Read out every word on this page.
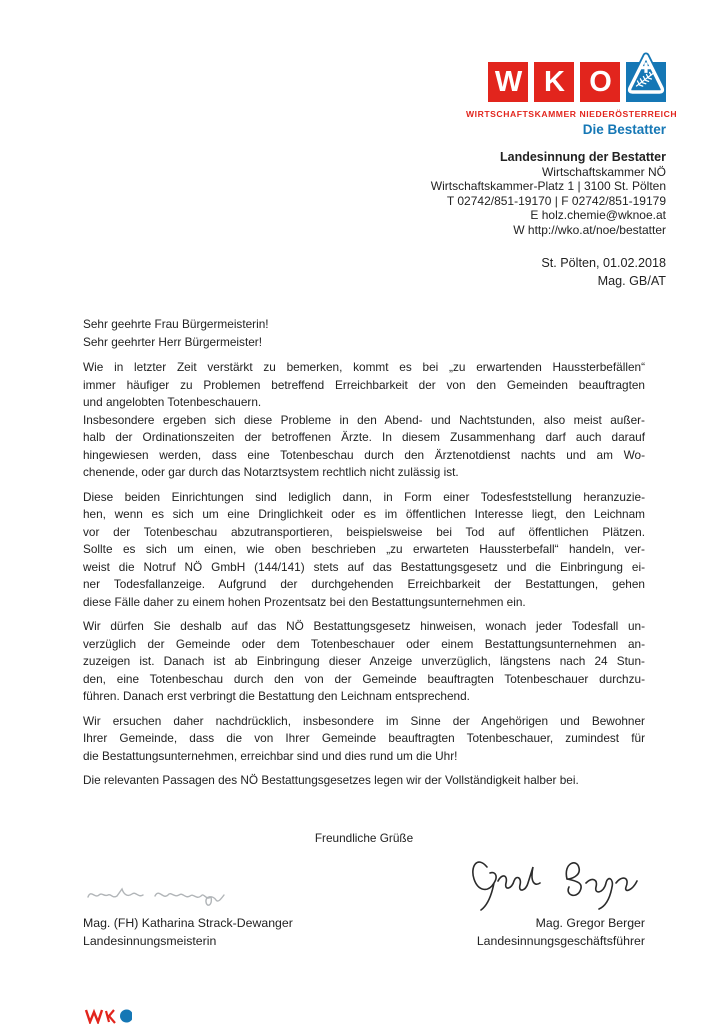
W K O
WIRTSCHAFTSKAMMER NIEDERÖSTERREICH
Die Bestatter
Landesinnung der Bestatter
Wirtschaftskammer NÖ
Wirtschaftskammer-Platz 1 | 3100 St. Pölten
T 02742/851-19170 | F 02742/851-19179
E holz.chemie@wknoe.at
W http://wko.at/noe/bestatter
St. Pölten, 01.02.2018
Mag. GB/AT
Sehr geehrte Frau Bürgermeisterin!
Sehr geehrter Herr Bürgermeister!
Wie in letzter Zeit verstärkt zu bemerken, kommt es bei „zu erwartenden Haussterbefällen“
immer häufiger zu Problemen betreffend Erreichbarkeit der von den Gemeinden beauftragten
und angelobten Totenbeschauern.
Insbesondere ergeben sich diese Probleme in den Abend- und Nachtstunden, also meist außer-
halb der Ordinationszeiten der betroffenen Ärzte. In diesem Zusammenhang darf auch darauf
hingewiesen werden, dass eine Totenbeschau durch den Ärztenotdienst nachts und am Wo-
chenende, oder gar durch das Notarztsystem rechtlich nicht zulässig ist.
Diese beiden Einrichtungen sind lediglich dann, in Form einer Todesfeststellung heranzuzie-
hen, wenn es sich um eine Dringlichkeit oder es im öffentlichen Interesse liegt, den Leichnam
vor der Totenbeschau abzutransportieren, beispielsweise bei Tod auf öffentlichen Plätzen.
Sollte es sich um einen, wie oben beschrieben „zu erwarteten Haussterbefall“ handeln, ver-
weist die Notruf NÖ GmbH (144/141) stets auf das Bestattungsgesetz und die Einbringung ei-
ner Todesfallanzeige. Aufgrund der durchgehenden Erreichbarkeit der Bestattungen, gehen
diese Fälle daher zu einem hohen Prozentsatz bei den Bestattungsunternehmen ein.
Wir dürfen Sie deshalb auf das NÖ Bestattungsgesetz hinweisen, wonach jeder Todesfall un-
verzüglich der Gemeinde oder dem Totenbeschauer oder einem Bestattungsunternehmen an-
zuzeigen ist. Danach ist ab Einbringung dieser Anzeige unverzüglich, längstens nach 24 Stun-
den, eine Totenbeschau durch den von der Gemeinde beauftragten Totenbeschauer durchzu-
führen. Danach erst verbringt die Bestattung den Leichnam entsprechend.
Wir ersuchen daher nachdrücklich, insbesondere im Sinne der Angehörigen und Bewohner
Ihrer Gemeinde, dass die von Ihrer Gemeinde beauftragten Totenbeschauer, zumindest für
die Bestattungsunternehmen, erreichbar sind und dies rund um die Uhr!
Die relevanten Passagen des NÖ Bestattungsgesetzes legen wir der Vollständigkeit halber bei.
Freundliche Grüße
Mag. (FH) Katharina Strack-Dewanger
Landesinnungsmeisterin
Mag. Gregor Berger
Landesinnungsgeschäftsführer
